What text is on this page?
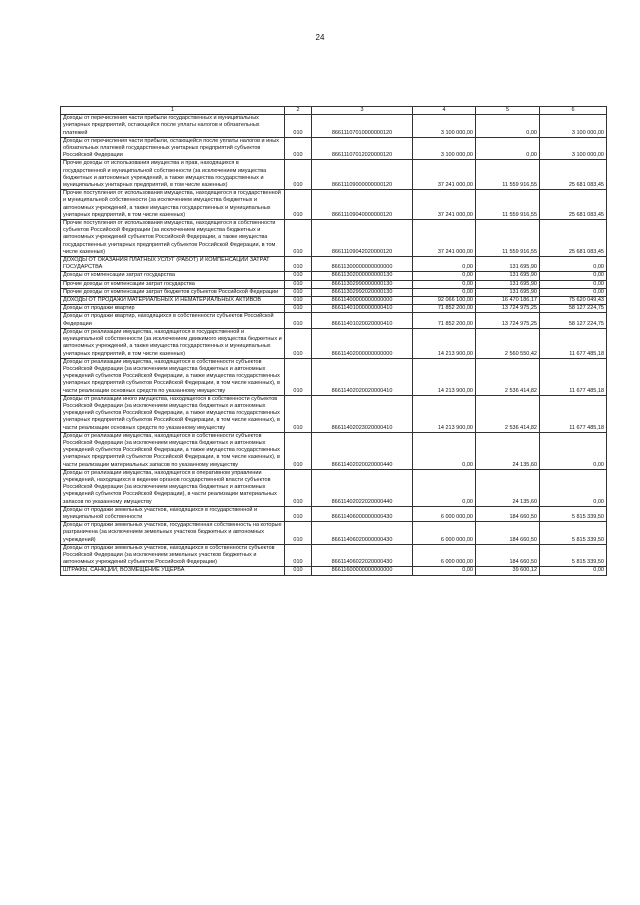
24
1	2	3	4	5	6
Доходы от перечисления части прибыли государственных и муниципальных унитарных предприятий, остающейся после уплаты налогов и обязательных платежей	010	86611107010000000120	3 100 000,00	0,00	3 100 000,00
Доходы от перечисления части прибыли, остающейся после уплаты налогов и иных обязательных платежей государственных унитарных предприятий субъектов Российской Федерации	010	86611107012020000120	3 100 000,00	0,00	3 100 000,00
Прочие доходы от использования имущества и прав, находящихся в государственной и муниципальной собственности (за исключением имущества бюджетных и автономных учреждений, а также имущества государственных и муниципальных унитарных предприятий, в том числе казенных)	010	86611109000000000120	37 241 000,00	11 559 916,55	25 681 083,45
Прочие поступления от использования имущества, находящегося в государственной и муниципальной собственности (за исключением имущества бюджетных и автономных учреждений, а также имущества государственных и муниципальных унитарных предприятий, в том числе казенных)	010	86611109040000000120	37 241 000,00	11 559 916,55	25 681 083,45
Прочие поступления от использования имущества, находящегося в собственности субъектов Российской Федерации (за исключением имущества бюджетных и автономных учреждений субъектов Российской Федерации, а также имущества государственных унитарных предприятий субъектов Российской Федерации, в том числе казенных)	010	86611109042020000120	37 241 000,00	11 559 916,55	25 681 083,45
ДОХОДЫ ОТ ОКАЗАНИЯ ПЛАТНЫХ УСЛУГ (РАБОТ) И КОМПЕНСАЦИИ ЗАТРАТ ГОСУДАРСТВА	010	86611300000000000000	0,00	131 695,90	0,00
Доходы от компенсации затрат государства	010	86611302000000000130	0,00	131 695,90	0,00
Прочие доходы от компенсации затрат государства	010	86611302990000000130	0,00	131 695,90	0,00
Прочие доходы от компенсации затрат бюджетов субъектов Российской Федерации	010	86611302992020000130	0,00	131 695,90	0,00
ДОХОДЫ ОТ ПРОДАЖИ МАТЕРИАЛЬНЫХ И НЕМАТЕРИАЛЬНЫХ АКТИВОВ	010	86611400000000000000	92 066 100,00	16 470 186,17	75 620 049,43
Доходы от продажи квартир	010	86611401000000000410	71 852 200,00	13 724 975,25	58 127 224,75
Доходы от продажи квартир, находящихся в собственности субъектов Российской Федерации	010	86611401020020000410	71 852 200,00	13 724 975,25	58 127 224,75
Доходы от реализации имущества, находящегося в государственной и муниципальной собственности (за исключением движимого имущества бюджетных и автономных учреждений, а также имущества государственных и муниципальных унитарных предприятий, в том числе казенных)	010	86611402000000000000	14 213 900,00	2 560 550,42	11 677 485,18
Доходы от реализации имущества, находящегося в собственности субъектов Российской Федерации (за исключением имущества бюджетных и автономных учреждений субъектов Российской Федерации, а также имущества государственных унитарных предприятий субъектов Российской Федерации, в том числе казенных), в части реализации основных средств по указанному имуществу	010	86611402020020000410	14 213 900,00	2 536 414,82	11 677 485,18
Доходы от реализации иного имущества, находящегося в собственности субъектов Российской Федерации (за исключением имущества бюджетных и автономных учреждений субъектов Российской Федерации, а также имущества государственных унитарных предприятий субъектов Российской Федерации, в том числе казенных), в части реализации основных средств по указанному имуществу	010	86611402023020000410	14 213 900,00	2 536 414,82	11 677 485,18
Доходы от реализации имущества, находящегося в собственности субъектов Российской Федерации (за исключением имущества бюджетных и автономных учреждений субъектов Российской Федерации, а также имущества государственных унитарных предприятий субъектов Российской Федерации, в том числе казенных), в части реализации материальных запасов по указанному имуществу	010	86611402020020000440	0,00	24 135,60	0,00
Доходы от реализации имущества, находящегося в оперативном управлении учреждений, находящихся в ведении органов государственной власти субъектов Российской Федерации (за исключением имущества бюджетных и автономных учреждений субъектов Российской Федерации), в части реализации материальных запасов по указанному имуществу	010	86611402022020000440	0,00	24 135,60	0,00
Доходы от продажи земельных участков, находящихся в государственной и муниципальной собственности	010	86611406000000000430	6 000 000,00	184 660,50	5 815 339,50
Доходы от продажи земельных участков, государственная собственность на которые разграничена (за исключением земельных участков бюджетных и автономных учреждений)	010	86611406020000000430	6 000 000,00	184 660,50	5 815 339,50
Доходы от продажи земельных участков, находящихся в собственности субъектов Российской Федерации (за исключением земельных участков бюджетных и автономных учреждений субъектов Российской Федерации)	010	86611406022020000430	6 000 000,00	184 660,50	5 815 339,50
ШТРАФЫ, САНКЦИИ, ВОЗМЕЩЕНИЕ УЩЕРБА	010	86611600000000000000	0,00	39 600,12	0,00
